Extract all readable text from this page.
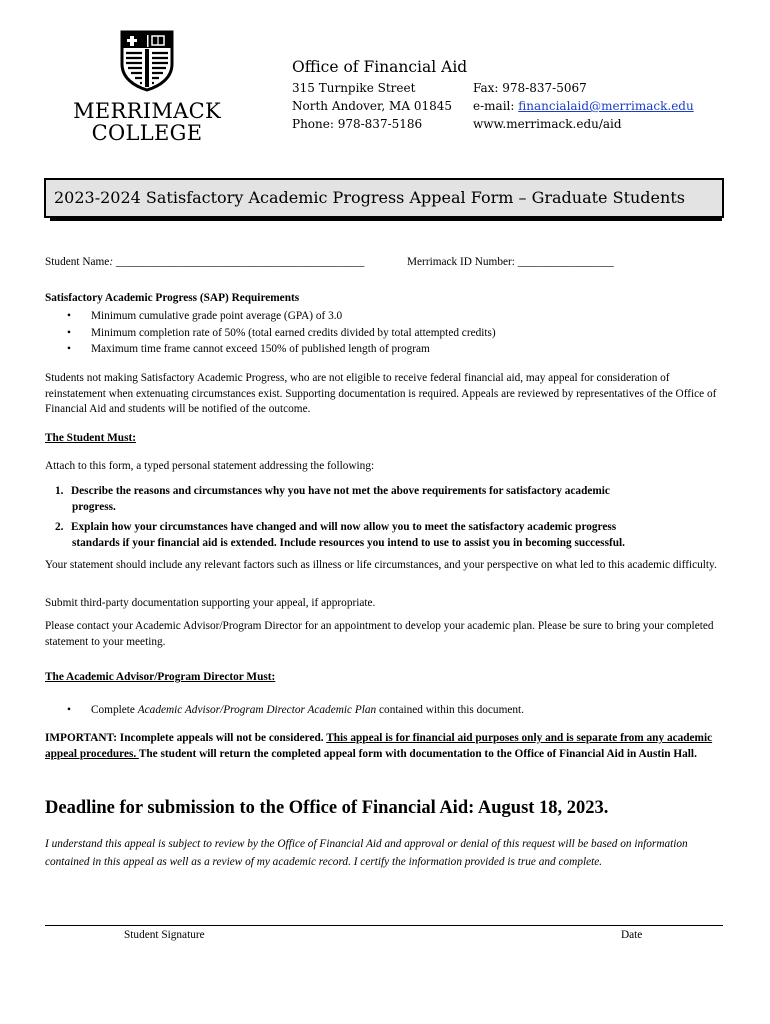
MERRIMACK
COLLEGE
Office of Financial Aid
315 Turnpike Street
North Andover, MA 01845
Phone: 978-837-5186
Fax: 978-837-5067
e-mail: financialaid@merrimack.edu
www.merrimack.edu/aid
2023-2024 Satisfactory Academic Progress Appeal Form – Graduate Students
Student Name: ____________________________________________	Merrimack ID Number: _________________
Satisfactory Academic Progress (SAP) Requirements
• Minimum cumulative grade point average (GPA) of 3.0
• Minimum completion rate of 50% (total earned credits divided by total attempted credits)
• Maximum time frame cannot exceed 150% of published length of program
Students not making Satisfactory Academic Progress, who are not eligible to receive federal financial aid, may appeal for consideration of reinstatement when extenuating circumstances exist. Supporting documentation is required. Appeals are reviewed by representatives of the Office of Financial Aid and students will be notified of the outcome.
The Student Must:
Attach to this form, a typed personal statement addressing the following:
1. Describe the reasons and circumstances why you have not met the above requirements for satisfactory academic
progress.
2. Explain how your circumstances have changed and will now allow you to meet the satisfactory academic progress
standards if your financial aid is extended. Include resources you intend to use to assist you in becoming successful.
Your statement should include any relevant factors such as illness or life circumstances, and your perspective on what led to this academic difficulty.
Submit third-party documentation supporting your appeal, if appropriate.
Please contact your Academic Advisor/Program Director for an appointment to develop your academic plan. Please be sure to bring your completed statement to your meeting.
The Academic Advisor/Program Director Must:
• Complete Academic Advisor/Program Director Academic Plan contained within this document.
IMPORTANT: Incomplete appeals will not be considered. This appeal is for financial aid purposes only and is separate from any academic appeal procedures. The student will return the completed appeal form with documentation to the Office of Financial Aid in Austin Hall.
Deadline for submission to the Office of Financial Aid: August 18, 2023.
I understand this appeal is subject to review by the Office of Financial Aid and approval or denial of this request will be based on information contained in this appeal as well as a review of my academic record. I certify the information provided is true and complete.
Student Signature	Date
